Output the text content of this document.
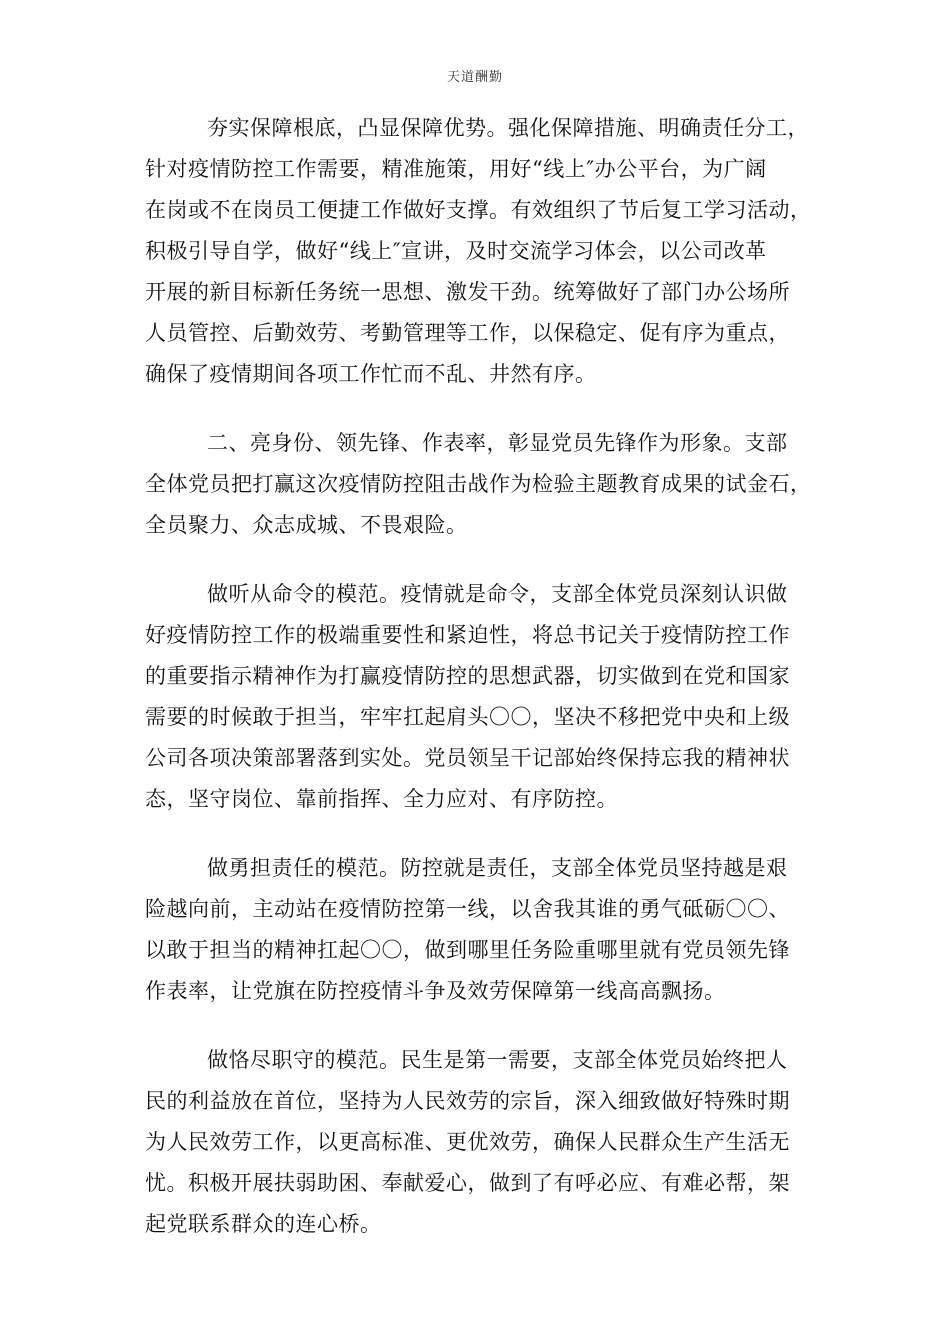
天道酬勤

夯实保障根底，凸显保障优势。强化保障措施、明确责任分工，
针对疫情防控工作需要，精准施策，用好“线上″办公平台，为广阔
在岗或不在岗员工便捷工作做好支撑。有效组织了节后复工学习活动，
积极引导自学，做好“线上″宣讲，及时交流学习体会，以公司改革
开展的新目标新任务统一思想、激发干劲。统筹做好了部门办公场所
人员管控、后勤效劳、考勤管理等工作，以保稳定、促有序为重点，
确保了疫情期间各项工作忙而不乱、井然有序。

二、亮身份、领先锋、作表率，彰显党员先锋作为形象。支部
全体党员把打赢这次疫情防控阻击战作为检验主题教育成果的试金石，
全员聚力、众志成城、不畏艰险。

做听从命令的模范。疫情就是命令，支部全体党员深刻认识做
好疫情防控工作的极端重要性和紧迫性，将总书记关于疫情防控工作
的重要指示精神作为打赢疫情防控的思想武器，切实做到在党和国家
需要的时候敢于担当，牢牢扛起肩头〇〇，坚决不移把党中央和上级
公司各项决策部署落到实处。党员领呈干记部始终保持忘我的精神状
态，坚守岗位、靠前指挥、全力应对、有序防控。

做勇担责任的模范。防控就是责任，支部全体党员坚持越是艰
险越向前，主动站在疫情防控第一线，以舍我其谁的勇气砥砺〇〇、
以敢于担当的精神扛起〇〇，做到哪里任务险重哪里就有党员领先锋
作表率，让党旗在防控疫情斗争及效劳保障第一线高高飘扬。

做恪尽职守的模范。民生是第一需要，支部全体党员始终把人
民的利益放在首位，坚持为人民效劳的宗旨，深入细致做好特殊时期
为人民效劳工作，以更高标准、更优效劳，确保人民群众生产生活无
忧。积极开展扶弱助困、奉献爱心，做到了有呼必应、有难必帮，架
起党联系群众的连心桥。
